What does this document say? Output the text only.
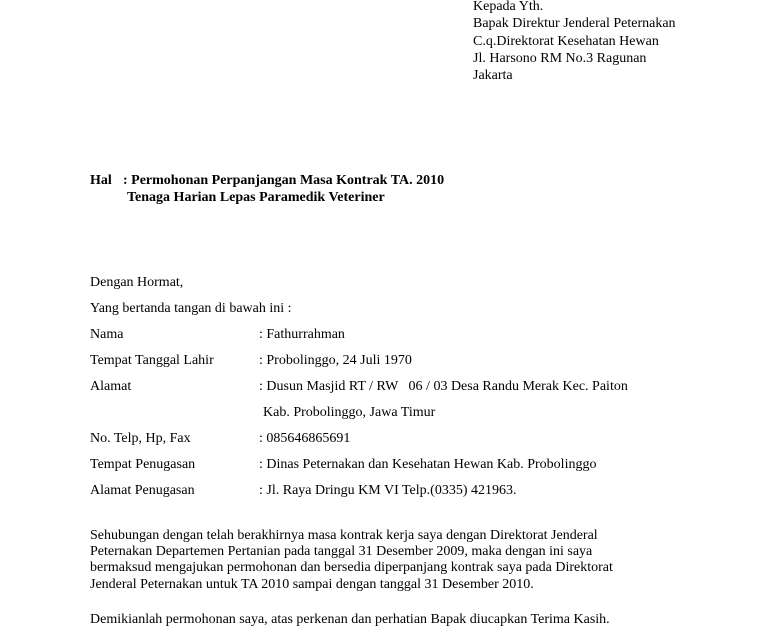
Kepada Yth.
Bapak Direktur Jenderal Peternakan
C.q.Direktorat Kesehatan Hewan
Jl. Harsono RM No.3 Ragunan
Jakarta
Hal : Permohonan Perpanjangan Masa Kontrak TA. 2010
Tenaga Harian Lepas Paramedik Veteriner
Dengan Hormat,
Yang bertanda tangan di bawah ini :
Nama	: Fathurrahman
Tempat Tanggal Lahir	: Probolinggo, 24 Juli 1970
Alamat	: Dusun Masjid RT / RW   06 / 03 Desa Randu Merak Kec. Paiton
Kab. Probolinggo, Jawa Timur
No. Telp, Hp, Fax	: 085646865691
Tempat Penugasan	: Dinas Peternakan dan Kesehatan Hewan Kab. Probolinggo
Alamat Penugasan	: Jl. Raya Dringu KM VI Telp.(0335) 421963.
Sehubungan dengan telah berakhirnya masa kontrak kerja saya dengan Direktorat Jenderal
Peternakan Departemen Pertanian pada tanggal 31 Desember 2009, maka dengan ini saya
bermaksud mengajukan permohonan dan bersedia diperpanjang kontrak saya pada Direktorat
Jenderal Peternakan untuk TA 2010 sampai dengan tanggal 31 Desember 2010.
Demikianlah permohonan saya, atas perkenan dan perhatian Bapak diucapkan Terima Kasih.
